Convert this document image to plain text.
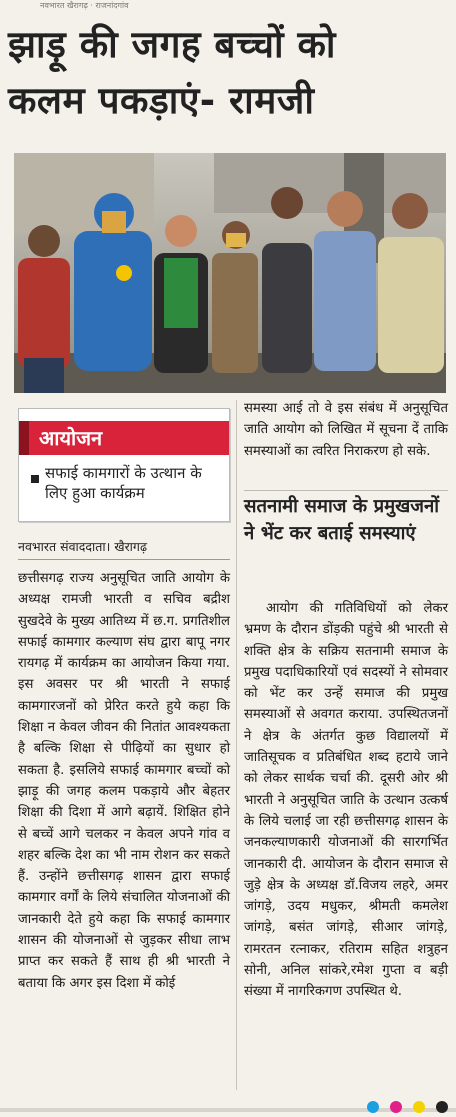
नवभारत खैरागढ़ · राजनांदगांव
झाड़ू की जगह बच्चों को
कलम पकड़ाएं- रामजी
आयोजन
सफाई कामगारों के उत्थान के लिए हुआ कार्यक्रम
नवभारत संवाददाता। खैरागढ़
छत्तीसगढ़ राज्य अनुसूचित जाति आयोग के अध्यक्ष रामजी भारती व सचिव बद्रीश सुखदेवे के मुख्य आतिथ्य में छ.ग. प्रगतिशील सफाई कामगार कल्याण संघ द्वारा बापू नगर रायगढ़ में कार्यक्रम का आयोजन किया गया. इस अवसर पर श्री भारती ने सफाई कामगारजनों को प्रेरित करते हुये कहा कि शिक्षा न केवल जीवन की नितांत आवश्यकता है बल्कि शिक्षा से पीढ़ियों का सुधार हो सकता है. इसलिये सफाई कामगार बच्चों को झाड़ू की जगह कलम पकड़ाये और बेहतर शिक्षा की दिशा में आगे बढ़ायें. शिक्षित होने से बच्चें आगे चलकर न केवल अपने गांव व शहर बल्कि देश का भी नाम रोशन कर सकते हैं. उन्होंने छत्तीसगढ़ शासन द्वारा सफाई कामगार वर्गों के लिये संचालित योजनाओं की जानकारी देते हुये कहा कि सफाई कामगार शासन की योजनाओं से जुड़कर सीधा लाभ प्राप्त कर सकते हैं साथ ही श्री भारती ने बताया कि अगर इस दिशा में कोई
समस्या आई तो वे इस संबंध में अनुसूचित जाति आयोग को लिखित में सूचना दें ताकि समस्याओं का त्वरित निराकरण हो सके.
सतनामी समाज के प्रमुखजनों ने भेंट कर बताई समस्याएं
आयोग की गतिविधियों को लेकर भ्रमण के दौरान डोंड़की पहुंचे श्री भारती से शक्ति क्षेत्र के सक्रिय सतनामी समाज के प्रमुख पदाधिकारियों एवं सदस्यों ने सोमवार को भेंट कर उन्हें समाज की प्रमुख समस्याओं से अवगत कराया. उपस्थितजनों ने क्षेत्र के अंतर्गत कुछ विद्यालयों में जातिसूचक व प्रतिबंधित शब्द हटाये जाने को लेकर सार्थक चर्चा की. दूसरी ओर श्री भारती ने अनुसूचित जाति के उत्थान उत्कर्ष के लिये चलाई जा रही छत्तीसगढ़ शासन के जनकल्याणकारी योजनाओं की सारगर्भित जानकारी दी. आयोजन के दौरान समाज से जुड़े क्षेत्र के अध्यक्ष डॉ.विजय लहरे, अमर जांगड़े, उदय मधुकर, श्रीमती कमलेश जांगड़े, बसंत जांगड़े, सीआर जांगड़े, रामरतन रत्नाकर, रतिराम सहित शत्रुहन सोनी, अनिल सांकरे,रमेश गुप्ता व बड़ी संख्या में नागरिकगण उपस्थित थे.
